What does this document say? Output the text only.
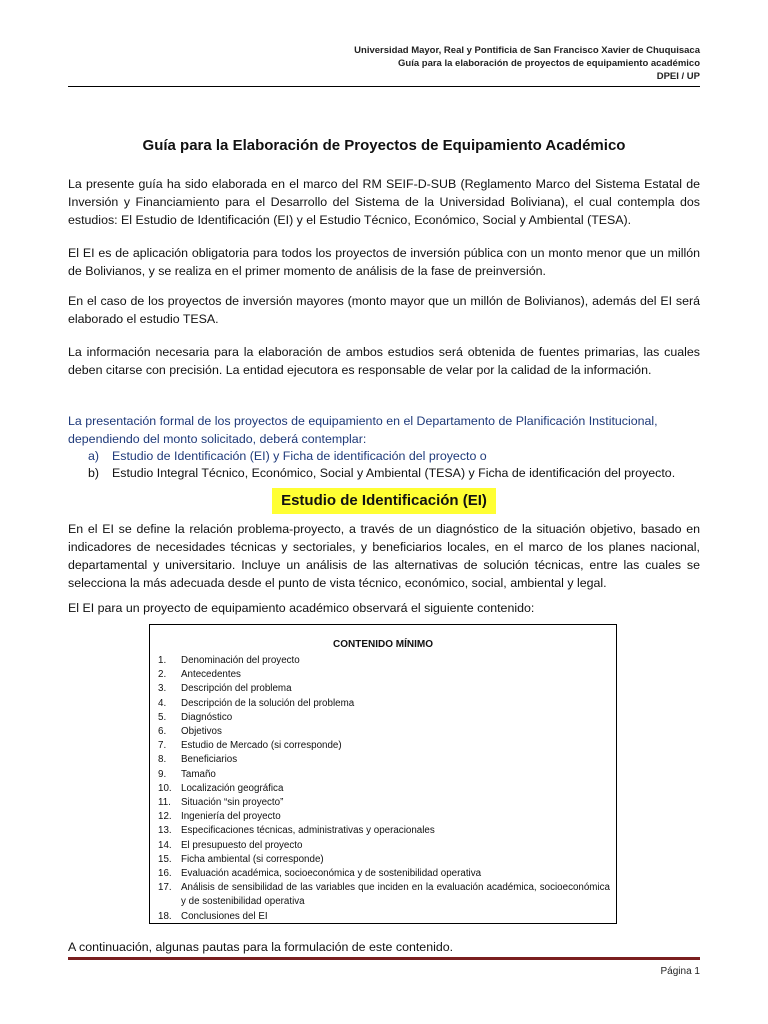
Universidad Mayor, Real y Pontificia de San Francisco Xavier de Chuquisaca
Guía para la elaboración de proyectos de equipamiento académico
DPEI / UP
Guía para la Elaboración de Proyectos de Equipamiento Académico
La presente guía ha sido elaborada en el marco del RM SEIF-D-SUB (Reglamento Marco del Sistema Estatal de Inversión y Financiamiento para el Desarrollo del Sistema de la Universidad Boliviana), el cual contempla dos estudios: El Estudio de Identificación (EI) y el Estudio Técnico, Económico, Social y Ambiental (TESA).
El EI es de aplicación obligatoria para todos los proyectos de inversión pública con un monto menor que un millón de Bolivianos, y se realiza en el primer momento de análisis de la fase de preinversión.
En el caso de los proyectos de inversión mayores (monto mayor que un millón de Bolivianos), además del EI será elaborado el estudio TESA.
La información necesaria para la elaboración de ambos estudios será obtenida de fuentes primarias, las cuales deben citarse con precisión. La entidad ejecutora es responsable de velar por la calidad de la información.
La presentación formal de los proyectos de equipamiento en el Departamento de Planificación Institucional, dependiendo del monto solicitado, deberá contemplar:
a)	Estudio de Identificación (EI) y Ficha de identificación del proyecto o
b)	Estudio Integral Técnico, Económico, Social y Ambiental (TESA) y Ficha de identificación del proyecto.
Estudio de Identificación (EI)
En el EI se define la relación problema-proyecto, a través de un diagnóstico de la situación objetivo, basado en indicadores de necesidades técnicas y sectoriales, y beneficiarios locales, en el marco de los planes nacional, departamental y universitario. Incluye un análisis de las alternativas de solución técnicas, entre las cuales se selecciona la más adecuada desde el punto de vista técnico, económico, social, ambiental y legal.
El EI para un proyecto de equipamiento académico observará el siguiente contenido:
CONTENIDO MÍNIMO
1.	Denominación del proyecto
2.	Antecedentes
3.	Descripción del problema
4.	Descripción de la solución del problema
5.	Diagnóstico
6.	Objetivos
7.	Estudio de Mercado (si corresponde)
8.	Beneficiarios
9.	Tamaño
10. Localización geográfica
11.	Situación “sin proyecto”
12. Ingeniería del proyecto
13. Especificaciones técnicas, administrativas y operacionales
14. El presupuesto del proyecto
15. Ficha ambiental (si corresponde)
16. Evaluación académica, socioeconómica y de sostenibilidad operativa
17. Análisis de sensibilidad de las variables que inciden en la evaluación académica, socioeconómica y de sostenibilidad operativa
18. Conclusiones del EI
A continuación, algunas pautas para la formulación de este contenido.
Página 1
